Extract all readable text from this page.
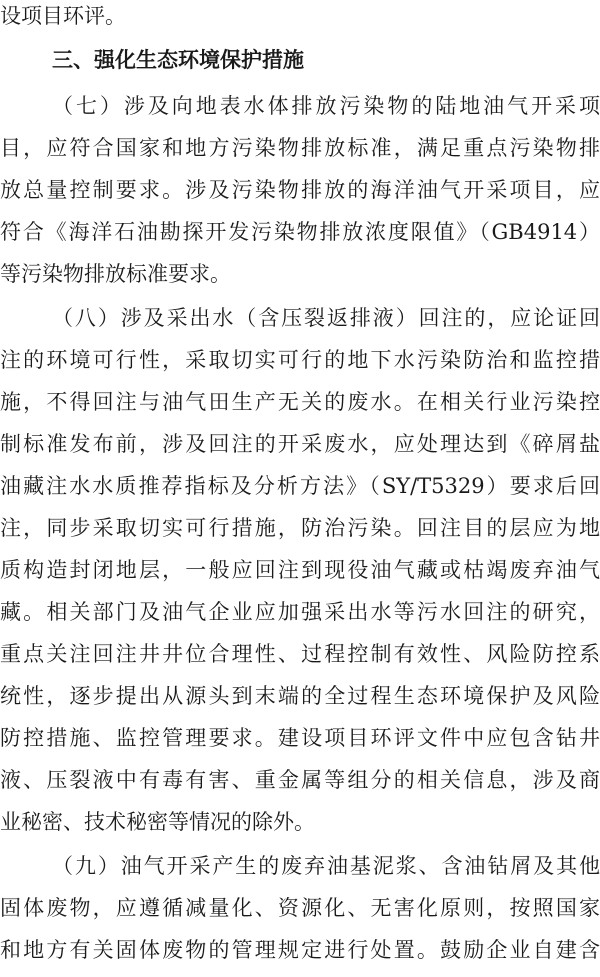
设项目环评。
三、强化生态环境保护措施
（七）涉及向地表水体排放污染物的陆地油气开采项
目，应符合国家和地方污染物排放标准，满足重点污染物排
放总量控制要求。涉及污染物排放的海洋油气开采项目，应
符合《海洋石油勘探开发污染物排放浓度限值》（GB4914）
等污染物排放标准要求。
（八）涉及采出水（含压裂返排液）回注的，应论证回
注的环境可行性，采取切实可行的地下水污染防治和监控措
施，不得回注与油气田生产无关的废水。在相关行业污染控
制标准发布前，涉及回注的开采废水，应处理达到《碎屑盐
油藏注水水质推荐指标及分析方法》（SY/T5329）要求后回
注，同步采取切实可行措施，防治污染。回注目的层应为地
质构造封闭地层，一般应回注到现役油气藏或枯竭废弃油气
藏。相关部门及油气企业应加强采出水等污水回注的研究，
重点关注回注井井位合理性、过程控制有效性、风险防控系
统性，逐步提出从源头到末端的全过程生态环境保护及风险
防控措施、监控管理要求。建设项目环评文件中应包含钻井
液、压裂液中有毒有害、重金属等组分的相关信息，涉及商
业秘密、技术秘密等情况的除外。
（九）油气开采产生的废弃油基泥浆、含油钻屑及其他
固体废物，应遵循减量化、资源化、无害化原则，按照国家
和地方有关固体废物的管理规定进行处置。鼓励企业自建含
